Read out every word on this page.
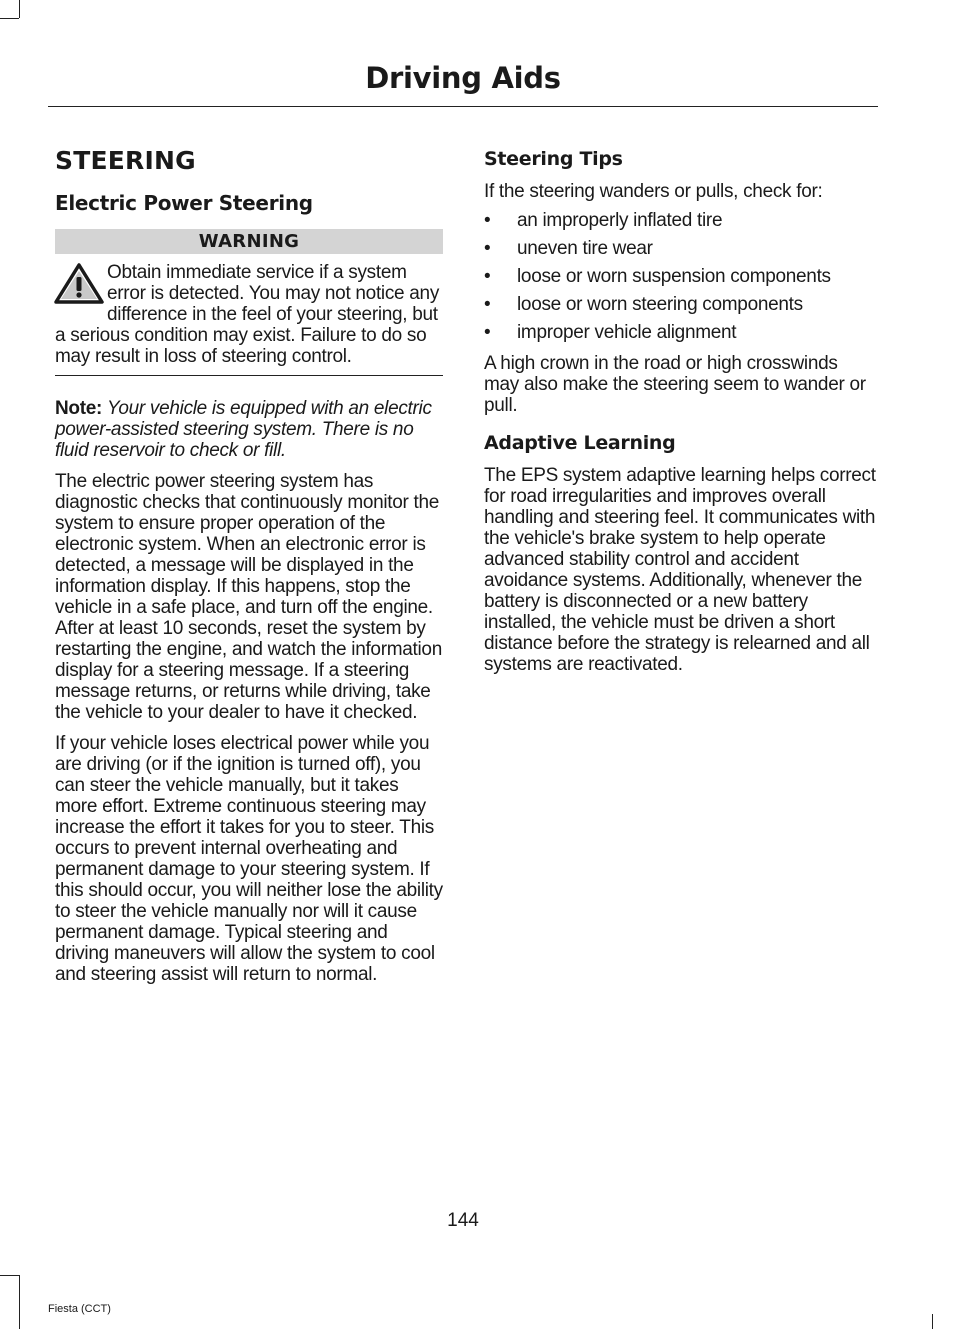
Driving Aids
STEERING
Electric Power Steering
WARNING

Obtain immediate service if a system error is detected. You may not notice any difference in the feel of your steering, but a serious condition may exist. Failure to do so may result in loss of steering control.

Note: Your vehicle is equipped with an electric power-assisted steering system. There is no fluid reservoir to check or fill.

The electric power steering system has diagnostic checks that continuously monitor the system to ensure proper operation of the electronic system. When an electronic error is detected, a message will be displayed in the information display. If this happens, stop the vehicle in a safe place, and turn off the engine. After at least 10 seconds, reset the system by restarting the engine, and watch the information display for a steering message. If a steering message returns, or returns while driving, take the vehicle to your dealer to have it checked.

If your vehicle loses electrical power while you are driving (or if the ignition is turned off), you can steer the vehicle manually, but it takes more effort. Extreme continuous steering may increase the effort it takes for you to steer. This occurs to prevent internal overheating and permanent damage to your steering system. If this should occur, you will neither lose the ability to steer the vehicle manually nor will it cause permanent damage. Typical steering and driving maneuvers will allow the system to cool and steering assist will return to normal.

Steering Tips

If the steering wanders or pulls, check for:

• an improperly inflated tire
• uneven tire wear
• loose or worn suspension components
• loose or worn steering components
• improper vehicle alignment

A high crown in the road or high crosswinds may also make the steering seem to wander or pull.

Adaptive Learning

The EPS system adaptive learning helps correct for road irregularities and improves overall handling and steering feel. It communicates with the vehicle's brake system to help operate advanced stability control and accident avoidance systems. Additionally, whenever the battery is disconnected or a new battery installed, the vehicle must be driven a short distance before the strategy is relearned and all systems are reactivated.

144
Fiesta (CCT)
